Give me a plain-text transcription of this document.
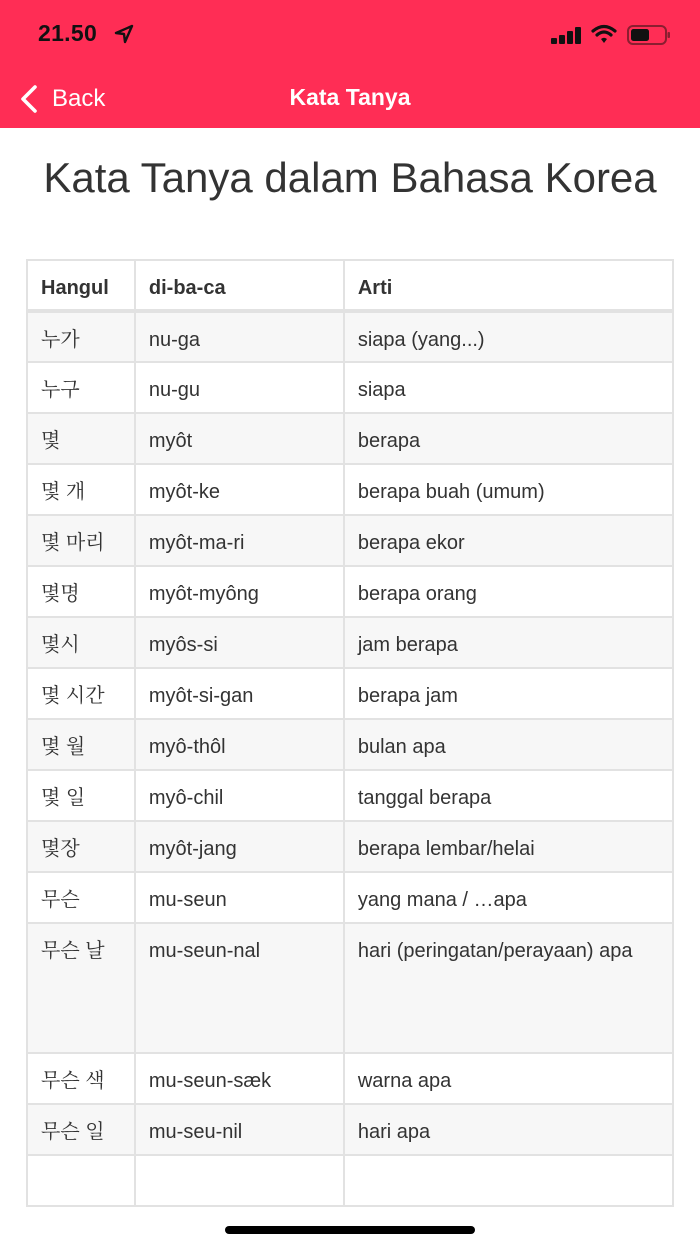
21.50
Back	Kata Tanya
Kata Tanya dalam Bahasa Korea
Hangul	di-ba-ca	Arti
누가	nu-ga	siapa (yang...)
누구	nu-gu	siapa
몇	myôt	berapa
몇 개	myôt-ke	berapa buah (umum)
몇 마리	myôt-ma-ri	berapa ekor
몇명	myôt-myông	berapa orang
몇시	myôs-si	jam berapa
몇 시간	myôt-si-gan	berapa jam
몇 월	myô-thôl	bulan apa
몇 일	myô-chil	tanggal berapa
몇장	myôt-jang	berapa lembar/helai
무슨	mu-seun	yang mana / …apa
무슨 날	mu-seun-nal	hari (peringatan/perayaan) apa
무슨 색	mu-seun-sæk	warna apa
무슨 일	mu-seu-nil	hari apa
